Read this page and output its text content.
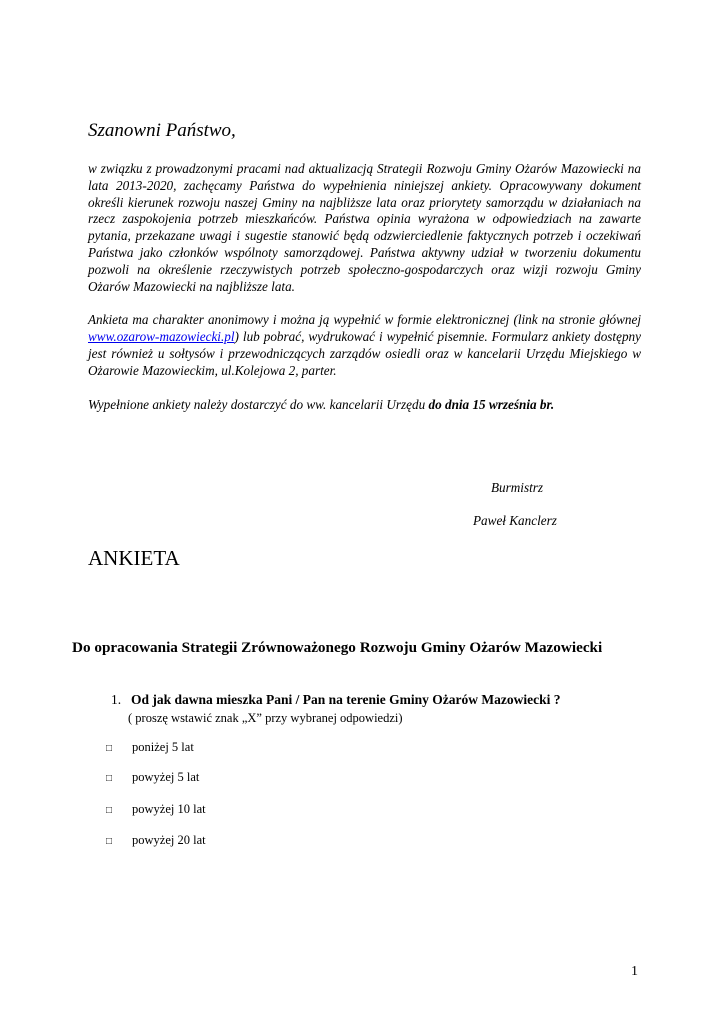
Szanowni Państwo,

w związku z prowadzonymi pracami nad aktualizacją Strategii Rozwoju Gminy Ożarów Mazowiecki na lata 2013-2020, zachęcamy Państwa do wypełnienia niniejszej ankiety. Opracowywany dokument określi kierunek rozwoju naszej Gminy na najbliższe lata oraz priorytety samorządu w działaniach na rzecz zaspokojenia potrzeb mieszkańców. Państwa opinia wyrażona w odpowiedziach na zawarte pytania, przekazane uwagi i sugestie stanowić będą odzwierciedlenie faktycznych potrzeb i oczekiwań Państwa jako członków wspólnoty samorządowej. Państwa aktywny udział w tworzeniu dokumentu pozwoli na określenie rzeczywistych potrzeb społeczno-gospodarczych oraz wizji rozwoju Gminy Ożarów Mazowiecki na najbliższe lata.

Ankieta ma charakter anonimowy i można ją wypełnić w formie elektronicznej (link na stronie głównej www.ozarow-mazowiecki.pl) lub pobrać, wydrukować i wypełnić pisemnie. Formularz ankiety dostępny jest również u sołtysów i przewodniczących zarządów osiedli oraz w kancelarii Urzędu Miejskiego w Ożarowie Mazowieckim, ul.Kolejowa 2, parter.

Wypełnione ankiety należy dostarczyć do ww. kancelarii Urzędu do dnia 15 września br.

Burmistrz
Paweł Kanclerz
ANKIETA
Do opracowania Strategii Zrównoważonego Rozwoju Gminy Ożarów Mazowiecki
1. Od jak dawna mieszka Pani / Pan na terenie Gminy Ożarów Mazowiecki ?
( proszę wstawić znak „X” przy wybranej odpowiedzi)
□ poniżej 5 lat
□ powyżej 5 lat
□ powyżej 10 lat
□ powyżej 20 lat
1
